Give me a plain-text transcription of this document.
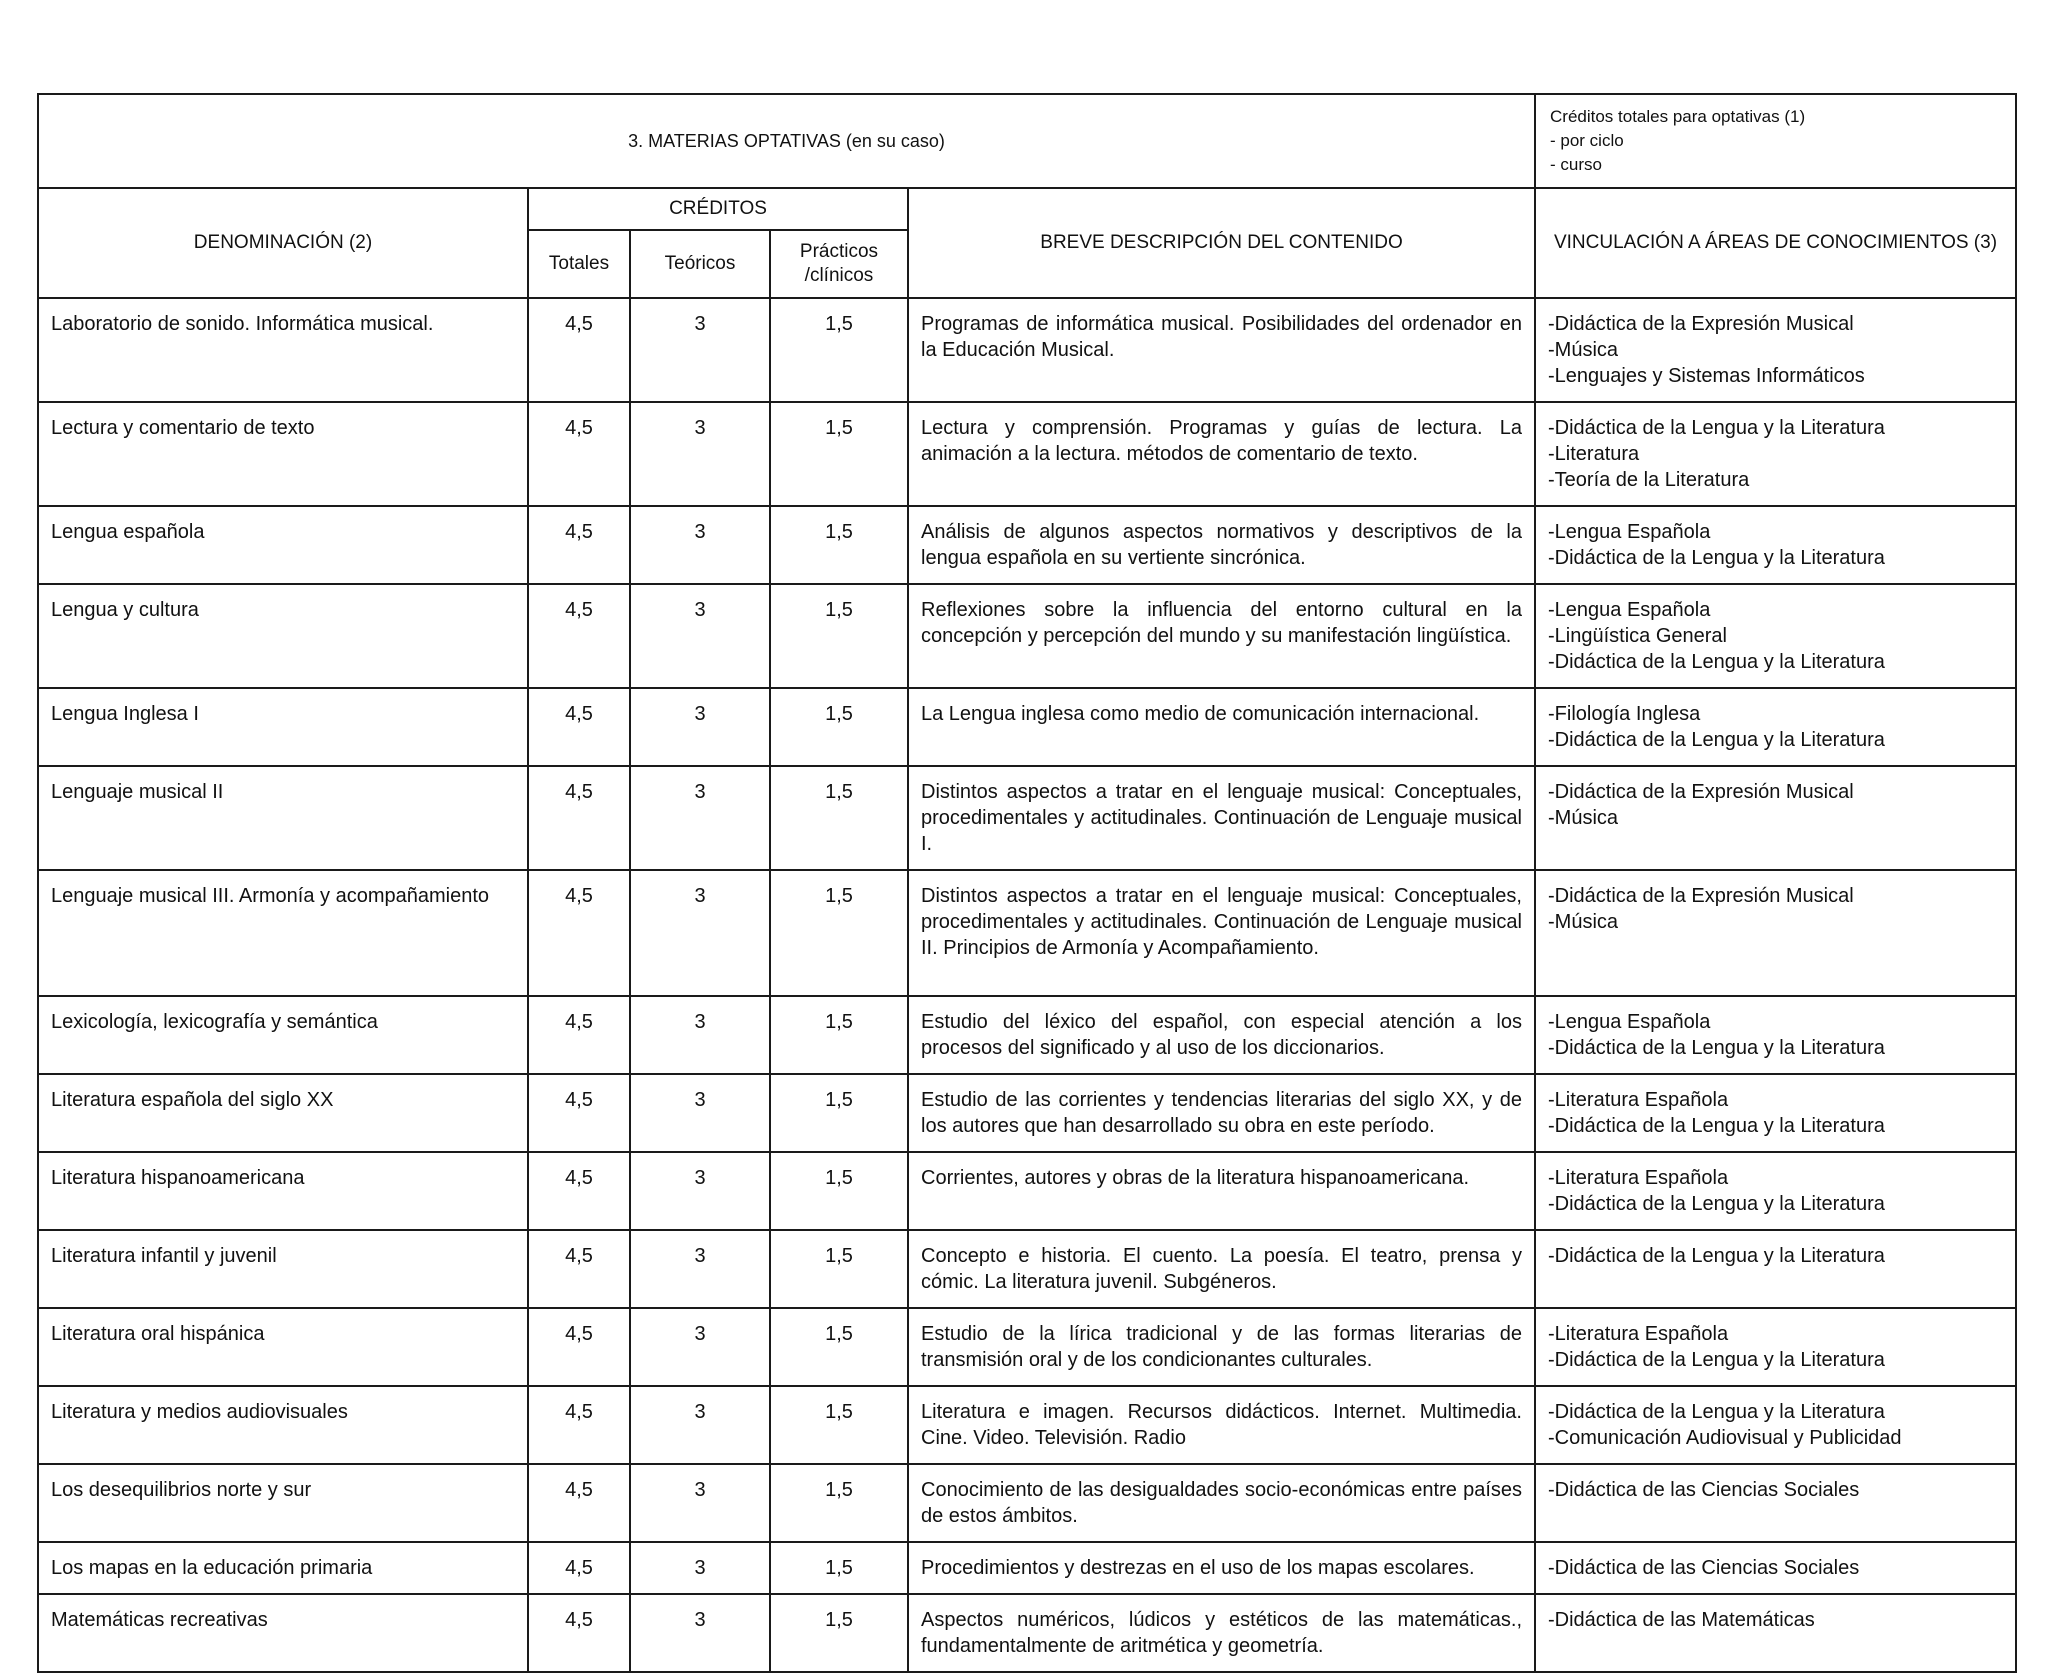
3. MATERIAS OPTATIVAS (en su caso)					Créditos totales para optativas (1)
- por ciclo
- curso

DENOMINACIÓN (2)	CRÉDITOS			BREVE DESCRIPCIÓN DEL CONTENIDO	VINCULACIÓN A ÁREAS DE CONOCIMIENTOS (3)
	Totales	Teóricos	Prácticos /clínicos		
Laboratorio de sonido. Informática musical.	4,5	3	1,5	Programas de informática musical. Posibilidades del ordenador en la Educación Musical.	-Didáctica de la Expresión Musical
-Música
-Lenguajes y Sistemas Informáticos

Lectura y comentario de texto	4,5	3	1,5	Lectura y comprensión. Programas y guías de lectura. La animación a la lectura. métodos de comentario de texto.	-Didáctica de la Lengua y la Literatura
-Literatura
-Teoría de la Literatura

Lengua española	4,5	3	1,5	Análisis de algunos aspectos normativos y descriptivos de la lengua española en su vertiente sincrónica.	-Lengua Española
-Didáctica de la Lengua y la Literatura

Lengua y cultura	4,5	3	1,5	Reflexiones sobre la influencia del entorno cultural en la concepción y percepción del mundo y su manifestación lingüística.	-Lengua Española
-Lingüística General
-Didáctica de la Lengua y la Literatura

Lengua Inglesa I	4,5	3	1,5	La Lengua inglesa como medio de comunicación internacional.	-Filología Inglesa
-Didáctica de la Lengua y la Literatura

Lenguaje musical II	4,5	3	1,5	Distintos aspectos a tratar en el lenguaje musical: Conceptuales, procedimentales y actitudinales. Continuación de Lenguaje musical I.	-Didáctica de la Expresión Musical
-Música

Lenguaje musical III. Armonía y acompañamiento	4,5	3	1,5	Distintos aspectos a tratar en el lenguaje musical: Conceptuales, procedimentales y actitudinales. Continuación de Lenguaje musical II. Principios de Armonía y Acompañamiento.	-Didáctica de la Expresión Musical
-Música

Lexicología, lexicografía y semántica	4,5	3	1,5	Estudio del léxico del español, con especial atención a los procesos del significado y al uso de los diccionarios.	-Lengua Española
-Didáctica de la Lengua y la Literatura

Literatura española del siglo XX	4,5	3	1,5	Estudio de las corrientes y tendencias literarias del siglo XX, y de los autores que han desarrollado su obra en este período.	-Literatura Española
-Didáctica de la Lengua y la Literatura

Literatura hispanoamericana	4,5	3	1,5	Corrientes, autores y obras de la literatura hispanoamericana.	-Literatura Española
-Didáctica de la Lengua y la Literatura

Literatura infantil y juvenil	4,5	3	1,5	Concepto e historia. El cuento. La poesía. El teatro, prensa y cómic. La literatura juvenil. Subgéneros.	-Didáctica de la Lengua y la Literatura

Literatura oral hispánica	4,5	3	1,5	Estudio de la lírica tradicional y de las formas literarias de transmisión oral y de los condicionantes culturales.	-Literatura Española
-Didáctica de la Lengua y la Literatura

Literatura y medios audiovisuales	4,5	3	1,5	Literatura e imagen. Recursos didácticos. Internet. Multimedia. Cine. Video. Televisión. Radio	-Didáctica de la Lengua y la Literatura
-Comunicación Audiovisual y Publicidad

Los desequilibrios norte y sur	4,5	3	1,5	Conocimiento de las desigualdades socio-económicas entre países de estos ámbitos.	-Didáctica de las Ciencias Sociales

Los mapas en la educación primaria	4,5	3	1,5	Procedimientos y destrezas en el uso de los mapas escolares.	-Didáctica de las Ciencias Sociales

Matemáticas recreativas	4,5	3	1,5	Aspectos numéricos, lúdicos y estéticos de las matemáticas., fundamentalmente de aritmética y geometría.	-Didáctica de las Matemáticas
